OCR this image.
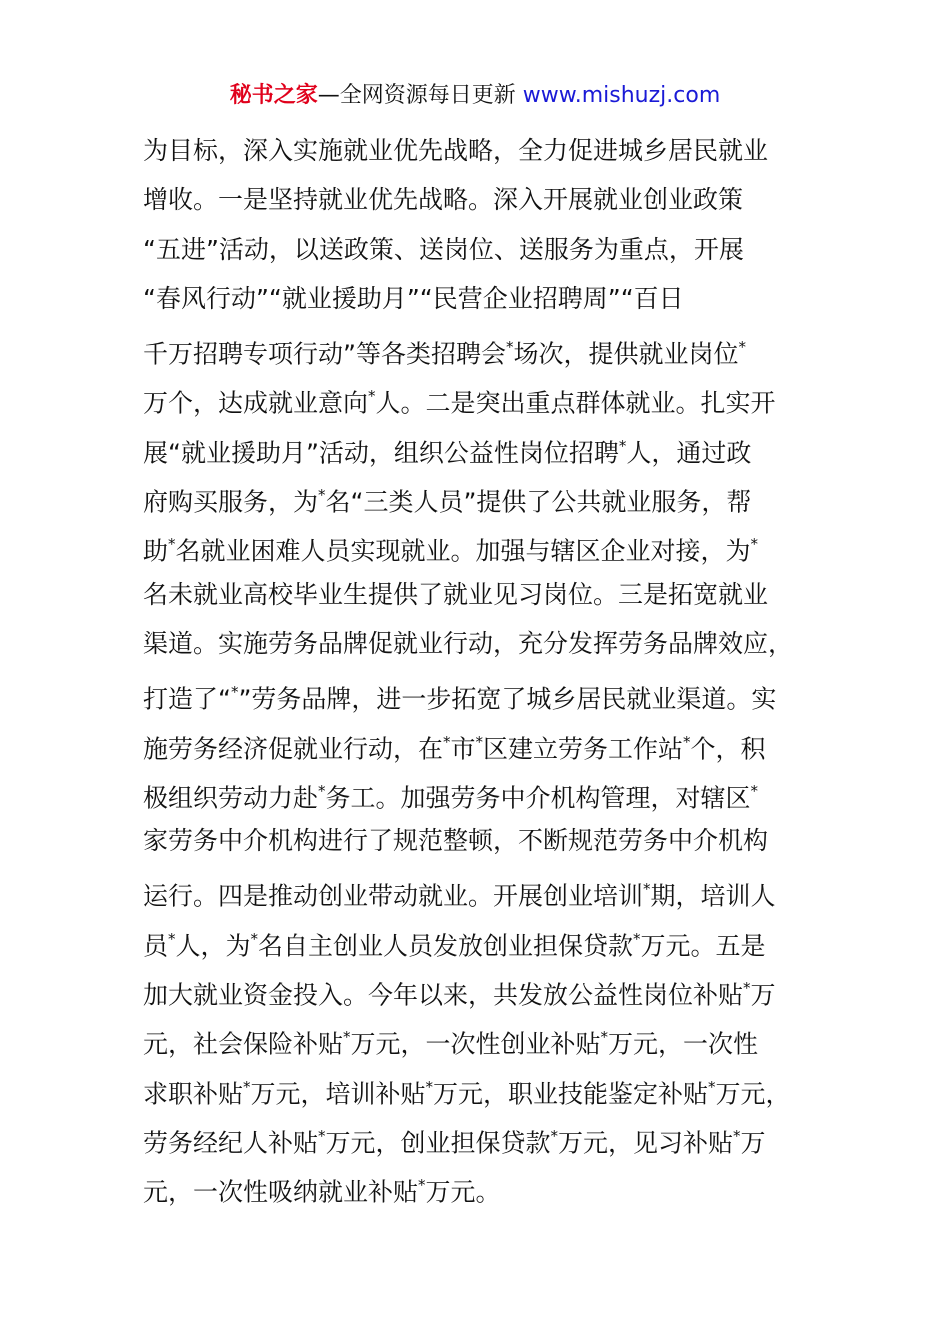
秘书之家—全网资源每日更新 www.mishuzj.com
为目标，深入实施就业优先战略，全力促进城乡居民就业
增收。一是坚持就业优先战略。深入开展就业创业政策
“五进”活动，以送政策、送岗位、送服务为重点，开展
“春风行动”“就业援助月”“民营企业招聘周”“百日
千万招聘专项行动”等各类招聘会*场次，提供就业岗位*
万个，达成就业意向*人。二是突出重点群体就业。扎实开
展“就业援助月”活动，组织公益性岗位招聘*人，通过政
府购买服务，为*名“三类人员”提供了公共就业服务，帮
助*名就业困难人员实现就业。加强与辖区企业对接，为*
名未就业高校毕业生提供了就业见习岗位。三是拓宽就业
渠道。实施劳务品牌促就业行动，充分发挥劳务品牌效应，
打造了“*”劳务品牌，进一步拓宽了城乡居民就业渠道。实
施劳务经济促就业行动，在*市*区建立劳务工作站*个，积
极组织劳动力赴*务工。加强劳务中介机构管理，对辖区*
家劳务中介机构进行了规范整顿，不断规范劳务中介机构
运行。四是推动创业带动就业。开展创业培训*期，培训人
员*人，为*名自主创业人员发放创业担保贷款*万元。五是
加大就业资金投入。今年以来，共发放公益性岗位补贴*万
元，社会保险补贴*万元，一次性创业补贴*万元，一次性
求职补贴*万元，培训补贴*万元，职业技能鉴定补贴*万元，
劳务经纪人补贴*万元，创业担保贷款*万元，见习补贴*万
元，一次性吸纳就业补贴*万元。
